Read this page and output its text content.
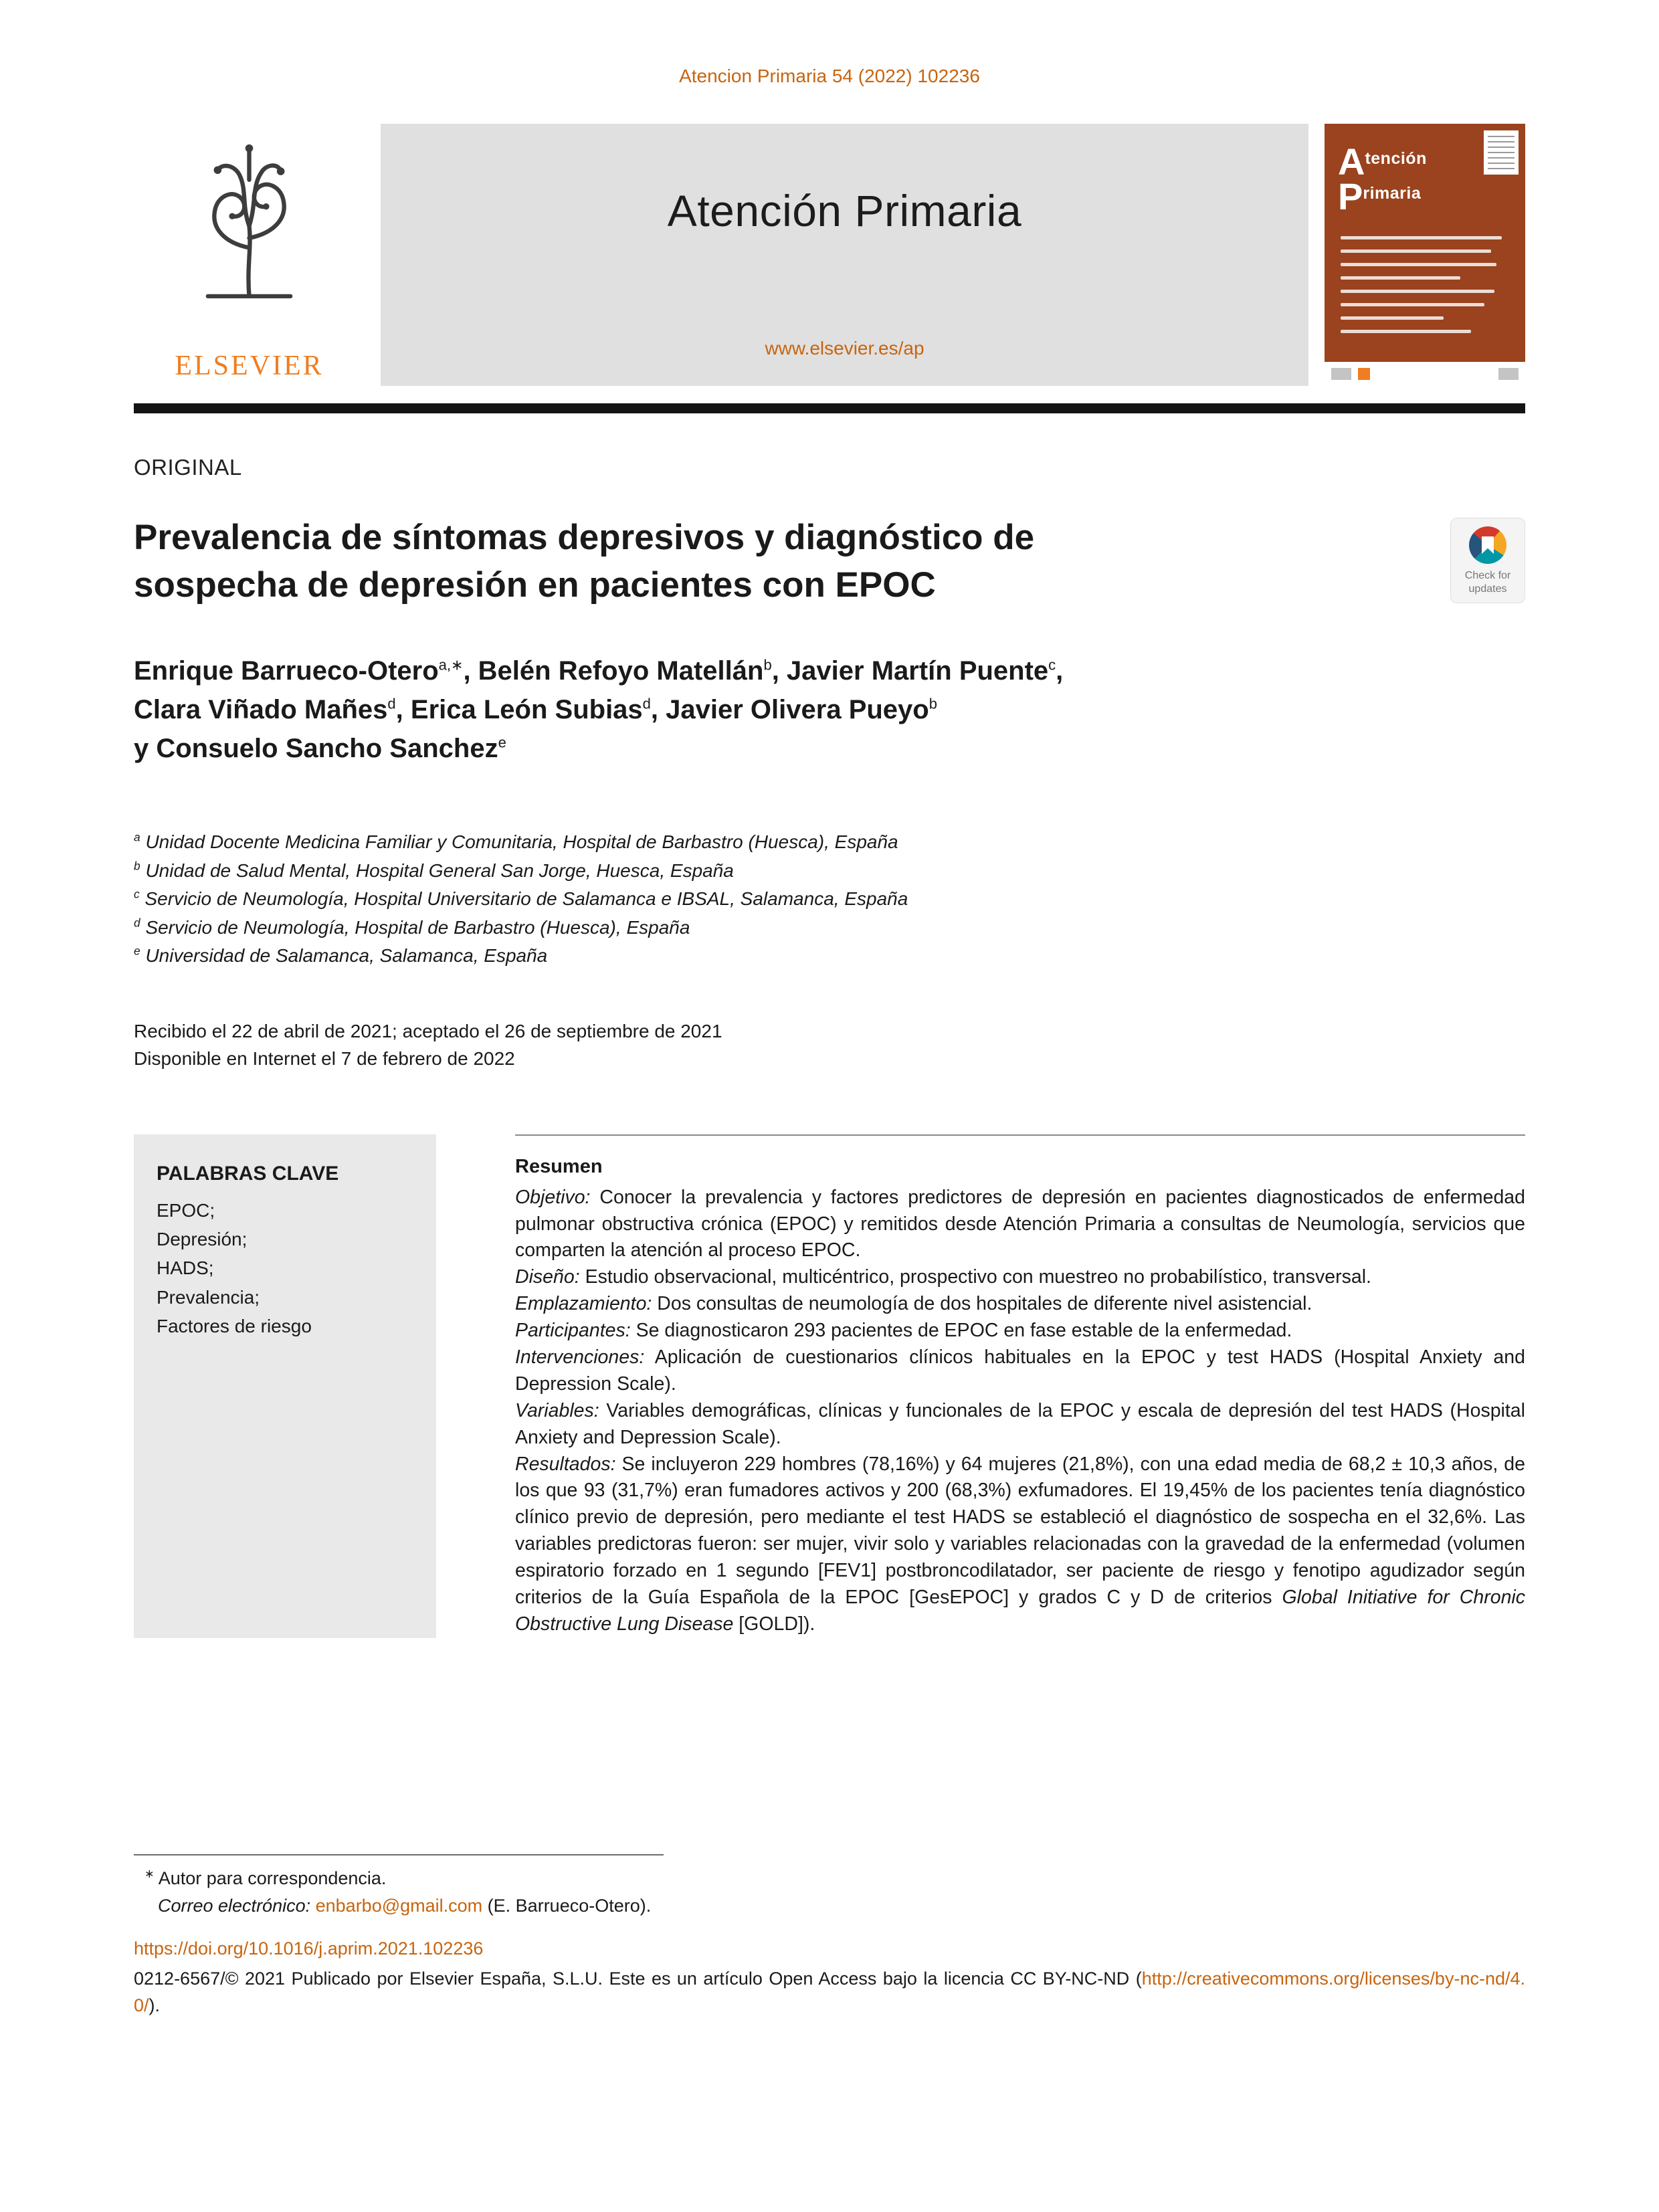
Atencion Primaria 54 (2022) 102236
ELSEVIER
Atención Primaria
www.elsevier.es/ap
A tención
P rimaria
ORIGINAL
Prevalencia de síntomas depresivos y diagnóstico de
sospecha de depresión en pacientes con EPOC	Check for
updates
Enrique Barrueco-Otero$^{a,∗}$, Belén Refoyo Matellán$^b$, Javier Martín Puente$^c$,
Clara Viñado Mañes$^d$, Erica León Subias$^d$, Javier Olivera Pueyo$^b$
y Consuelo Sancho Sanchez$^e$
$^a$ Unidad Docente Medicina Familiar y Comunitaria, Hospital de Barbastro (Huesca), España
$^b$ Unidad de Salud Mental, Hospital General San Jorge, Huesca, España
$^c$ Servicio de Neumología, Hospital Universitario de Salamanca e IBSAL, Salamanca, España
$^d$ Servicio de Neumología, Hospital de Barbastro (Huesca), España
$^e$ Universidad de Salamanca, Salamanca, España
Recibido el 22 de abril de 2021; aceptado el 26 de septiembre de 2021
Disponible en Internet el 7 de febrero de 2022
PALABRAS CLAVE
EPOC;
Depresión;
HADS;
Prevalencia;
Factores de riesgo

Resumen

Objetivo: Conocer la prevalencia y factores predictores de depresión en pacientes diagnosticados de enfermedad pulmonar obstructiva crónica (EPOC) y remitidos desde Atención Primaria a consultas de Neumología, servicios que comparten la atención al proceso EPOC.

Diseño: Estudio observacional, multicéntrico, prospectivo con muestreo no probabilístico, transversal.

Emplazamiento: Dos consultas de neumología de dos hospitales de diferente nivel asistencial.

Participantes: Se diagnosticaron 293 pacientes de EPOC en fase estable de la enfermedad.

Intervenciones: Aplicación de cuestionarios clínicos habituales en la EPOC y test HADS (Hospital Anxiety and Depression Scale).

Variables: Variables demográficas, clínicas y funcionales de la EPOC y escala de depresión del test HADS (Hospital Anxiety and Depression Scale).

Resultados: Se incluyeron 229 hombres (78,16%) y 64 mujeres (21,8%), con una edad media de 68,2 ± 10,3 años, de los que 93 (31,7%) eran fumadores activos y 200 (68,3%) exfumadores. El 19,45% de los pacientes tenía diagnóstico clínico previo de depresión, pero mediante el test HADS se estableció el diagnóstico de sospecha en el 32,6%. Las variables predictoras fueron: ser mujer, vivir solo y variables relacionadas con la gravedad de la enfermedad (volumen espiratorio forzado en 1 segundo [FEV1] postbroncodilatador, ser paciente de riesgo y fenotipo agudizador según criterios de la Guía Española de la EPOC [GesEPOC] y grados C y D de criterios Global Initiative for Chronic Obstructive Lung Disease [GOLD]).

∗ Autor para correspondencia.
Correo electrónico: enbarbo@gmail.com (E. Barrueco-Otero).
https://doi.org/10.1016/j.aprim.2021.102236

0212-6567/© 2021 Publicado por Elsevier España, S.L.U. Este es un artículo Open Access bajo la licencia CC BY-NC-ND (http://creativecommons.org/licenses/by-nc-nd/4.0/).
